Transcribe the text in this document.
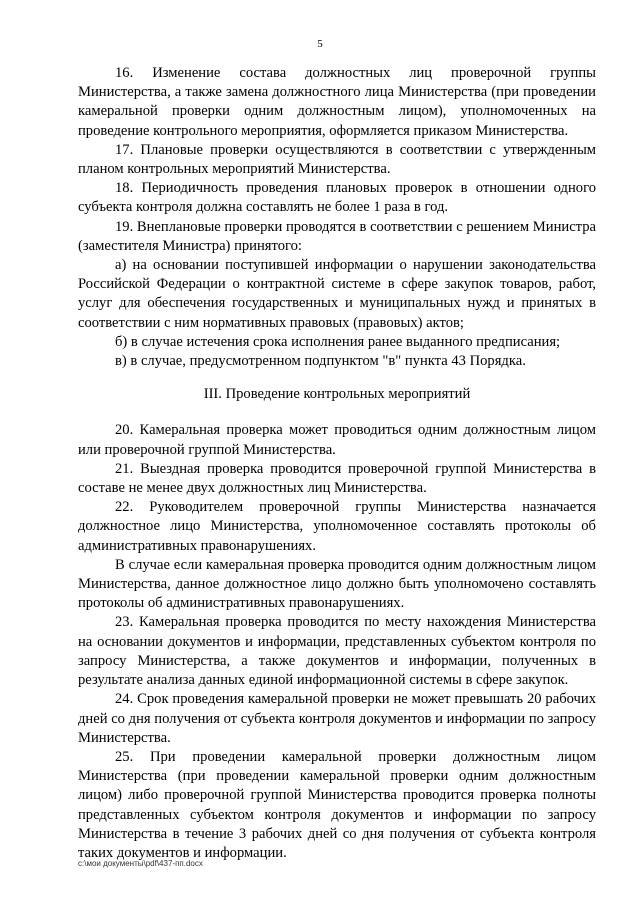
5

16. Изменение состава должностных лиц проверочной группы Министерства, а также замена должностного лица Министерства (при проведении камеральной проверки одним должностным лицом), уполномоченных на проведение контрольного мероприятия, оформляется приказом Министерства.

17. Плановые проверки осуществляются в соответствии с утвержденным планом контрольных мероприятий Министерства.

18. Периодичность проведения плановых проверок в отношении одного субъекта контроля должна составлять не более 1 раза в год.

19. Внеплановые проверки проводятся в соответствии с решением Министра (заместителя Министра) принятого:

а) на основании поступившей информации о нарушении законодательства Российской Федерации о контрактной системе в сфере закупок товаров, работ, услуг для обеспечения государственных и муниципальных нужд и принятых в соответствии с ним нормативных правовых (правовых) актов;

б) в случае истечения срока исполнения ранее выданного предписания;

в) в случае, предусмотренном подпунктом "в" пункта 43 Порядка.

III. Проведение контрольных мероприятий

20. Камеральная проверка может проводиться одним должностным лицом или проверочной группой Министерства.

21. Выездная проверка проводится проверочной группой Министерства в составе не менее двух должностных лиц Министерства.

22. Руководителем проверочной группы Министерства назначается должностное лицо Министерства, уполномоченное составлять протоколы об административных правонарушениях.

В случае если камеральная проверка проводится одним должностным лицом Министерства, данное должностное лицо должно быть уполномочено составлять протоколы об административных правонарушениях.

23. Камеральная проверка проводится по месту нахождения Министерства на основании документов и информации, представленных субъектом контроля по запросу Министерства, а также документов и информации, полученных в результате анализа данных единой информационной системы в сфере закупок.

24. Срок проведения камеральной проверки не может превышать 20 рабочих дней со дня получения от субъекта контроля документов и информации по запросу Министерства.

25. При проведении камеральной проверки должностным лицом Министерства (при проведении камеральной проверки одним должностным лицом) либо проверочной группой Министерства проводится проверка полноты представленных субъектом контроля документов и информации по запросу Министерства в течение 3 рабочих дней со дня получения от субъекта контроля таких документов и информации.

c:\мои документы\pdf\437-пп.docx
